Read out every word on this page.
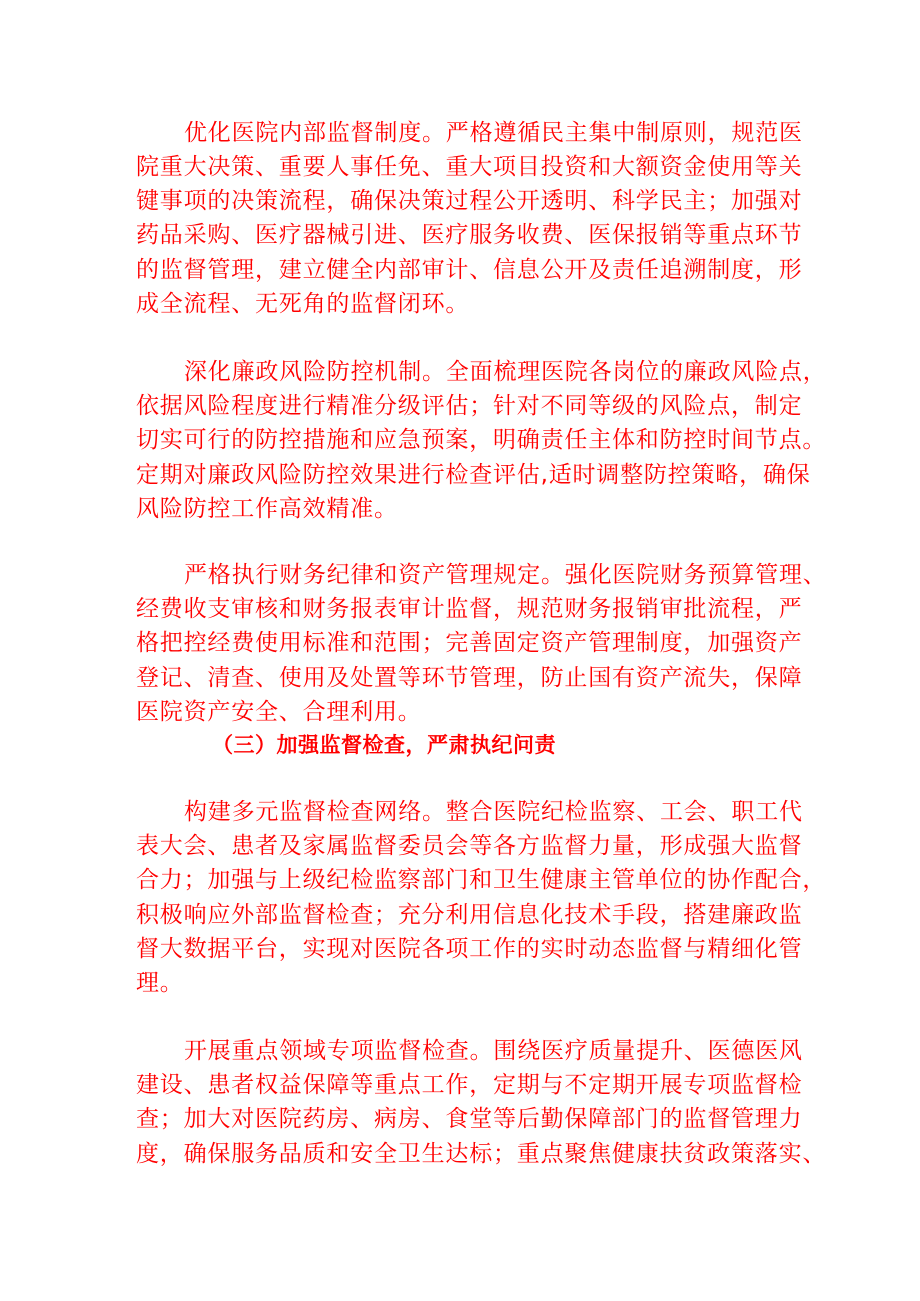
优化医院内部监督制度。严格遵循民主集中制原则，规范医
院重大决策、重要人事任免、重大项目投资和大额资金使用等关
键事项的决策流程，确保决策过程公开透明、科学民主；加强对
药品采购、医疗器械引进、医疗服务收费、医保报销等重点环节
的监督管理，建立健全内部审计、信息公开及责任追溯制度，形
成全流程、无死角的监督闭环。
深化廉政风险防控机制。全面梳理医院各岗位的廉政风险点，
依据风险程度进行精准分级评估；针对不同等级的风险点，制定
切实可行的防控措施和应急预案，明确责任主体和防控时间节点。
定期对廉政风险防控效果进行检查评估,适时调整防控策略，确保
风险防控工作高效精准。
严格执行财务纪律和资产管理规定。强化医院财务预算管理、
经费收支审核和财务报表审计监督，规范财务报销审批流程，严
格把控经费使用标准和范围；完善固定资产管理制度，加强资产
登记、清查、使用及处置等环节管理，防止国有资产流失，保障
医院资产安全、合理利用。
（三）加强监督检查，严肃执纪问责
构建多元监督检查网络。整合医院纪检监察、工会、职工代
表大会、患者及家属监督委员会等各方监督力量，形成强大监督
合力；加强与上级纪检监察部门和卫生健康主管单位的协作配合，
积极响应外部监督检查；充分利用信息化技术手段，搭建廉政监
督大数据平台，实现对医院各项工作的实时动态监督与精细化管
理。
开展重点领域专项监督检查。围绕医疗质量提升、医德医风
建设、患者权益保障等重点工作，定期与不定期开展专项监督检
查；加大对医院药房、病房、食堂等后勤保障部门的监督管理力
度，确保服务品质和安全卫生达标；重点聚焦健康扶贫政策落实、
